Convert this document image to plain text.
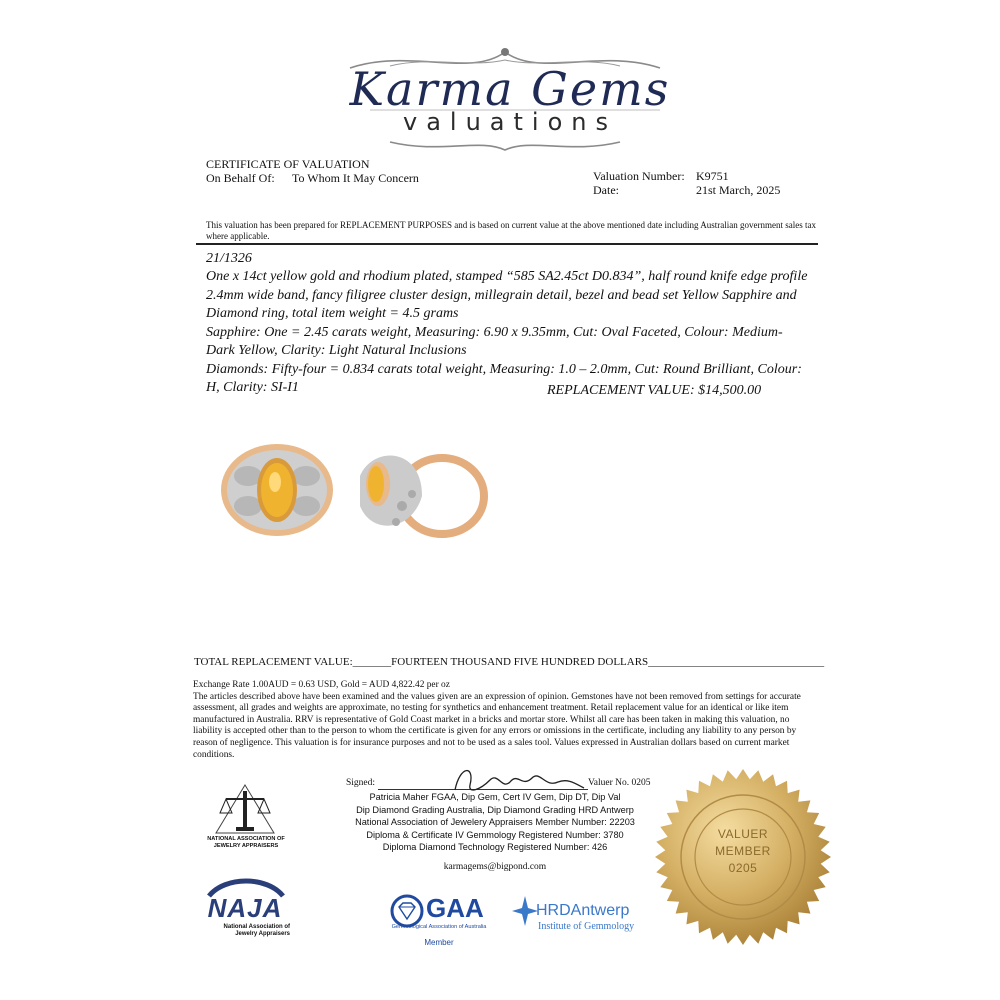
Karma Gems
valuations
CERTIFICATE OF VALUATION
On Behalf Of: To Whom It May Concern	Valuation Number: K9751
Date:	21st March, 2025
This valuation has been prepared for REPLACEMENT PURPOSES and is based on current value at the above mentioned date including Australian government sales tax where applicable.
21/1326
One x 14ct yellow gold and rhodium plated, stamped “585 SA2.45ct D0.834”, half round knife edge profile
2.4mm wide band, fancy filigree cluster design, millegrain detail, bezel and bead set Yellow Sapphire and
Diamond ring, total item weight = 4.5 grams
Sapphire: One = 2.45 carats weight, Measuring: 6.90 x 9.35mm, Cut: Oval Faceted, Colour: Medium-
Dark Yellow, Clarity: Light Natural Inclusions
Diamonds: Fifty-four = 0.834 carats total weight, Measuring: 1.0 – 2.0mm, Cut: Round Brilliant, Colour:
H, Clarity: SI-I1	REPLACEMENT VALUE: $14,500.00
TOTAL REPLACEMENT VALUE:_______FOURTEEN THOUSAND FIVE HUNDRED DOLLARS________________________________
Exchange Rate 1.00AUD = 0.63 USD, Gold = AUD 4,822.42 per oz
The articles described above have been examined and the values given are an expression of opinion. Gemstones have not been removed from settings for accurate
assessment, all grades and weights are approximate, no testing for synthetics and enhancement treatment. Retail replacement value for an identical or like item
manufactured in Australia. RRV is representative of Gold Coast market in a bricks and mortar store. Whilst all care has been taken in making this valuation, no
liability is accepted other than to the person to whom the certificate is given for any errors or omissions in the certificate, including any liability to any person by
reason of negligence. This valuation is for insurance purposes and not to be used as a sales tool. Values expressed in Australian dollars based on current market
conditions.
Signed:	Valuer No. 0205
Patricia Maher FGAA, Dip Gem, Cert IV Gem, Dip DT, Dip Val
Dip Diamond Grading Australia, Dip Diamond Grading HRD Antwerp
National Association of Jewelery Appraisers Member Number: 22203
Diploma & Certificate IV Gemmology Registered Number: 3780
Diploma Diamond Technology Registered Number: 426
karmagems@bigpond.com
NATIONAL ASSOCIATION OF JEWELRY APPRAISERS
NAJA
National Association of
Jewelry Appraisers
GAA
Gemmological Association of Australia
Member
HRDAntwerp
Institute of Gemmology
VALUER
MEMBER
0205
